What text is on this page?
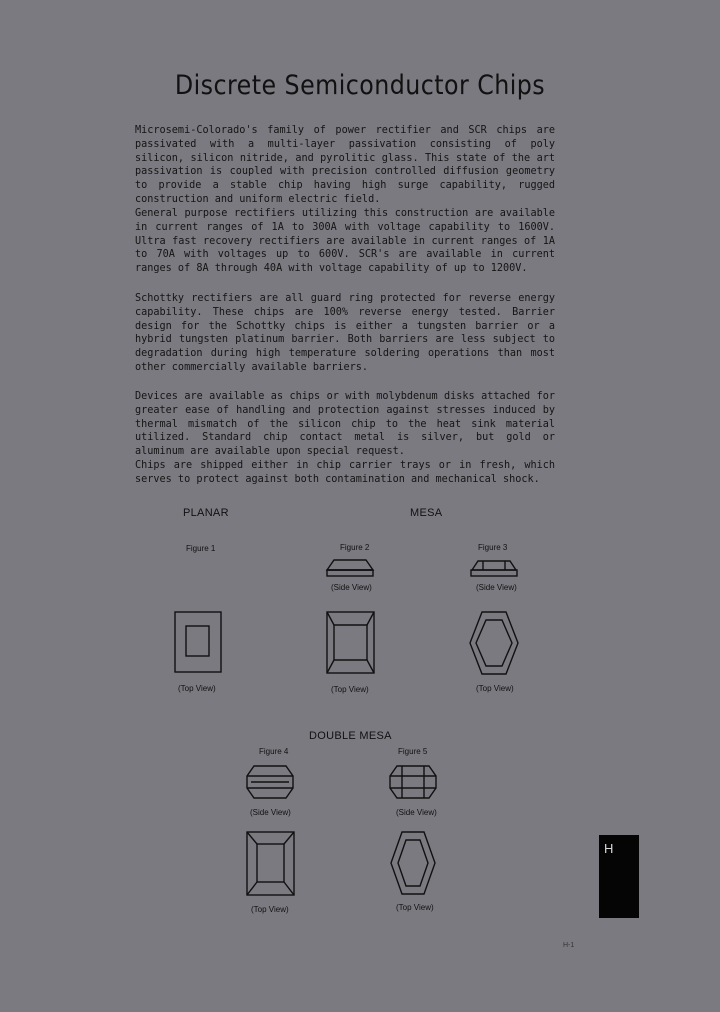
Discrete Semiconductor Chips

Microsemi-Colorado's family of power rectifier and SCR chips are passivated with a multi-layer passivation consisting of poly silicon, silicon nitride, and pyrolitic glass. This state of the art passivation is coupled with precision controlled diffusion geometry to provide a stable chip having high surge capability, rugged construction and uniform electric field.

General purpose rectifiers utilizing this construction are available in current ranges of 1A to 300A with voltage capability to 1600V. Ultra fast recovery rectifiers are available in current ranges of 1A to 70A with voltages up to 600V. SCR's are available in current ranges of 8A through 40A with voltage capability of up to 1200V.

Schottky rectifiers are all guard ring protected for reverse energy capability. These chips are 100% reverse energy tested. Barrier design for the Schottky chips is either a tungsten barrier or a hybrid tungsten platinum barrier. Both barriers are less subject to degradation during high temperature soldering operations than most other commercially available barriers.

Devices are available as chips or with molybdenum disks attached for greater ease of handling and protection against stresses induced by thermal mismatch of the silicon chip to the heat sink material utilized. Standard chip contact metal is silver, but gold or aluminum are available upon special request.

Chips are shipped either in chip carrier trays or in fresh, which serves to protect against both contamination and mechanical shock.

PLANAR	MESA
DOUBLE MESA
Figure 1	Figure 2	Figure 3
Figure 4	Figure 5
(Side View)	(Side View)
(Top View)	(Top View)	(Top View)
(Side View)	(Side View)
(Top View)	(Top View)
H
H-1
